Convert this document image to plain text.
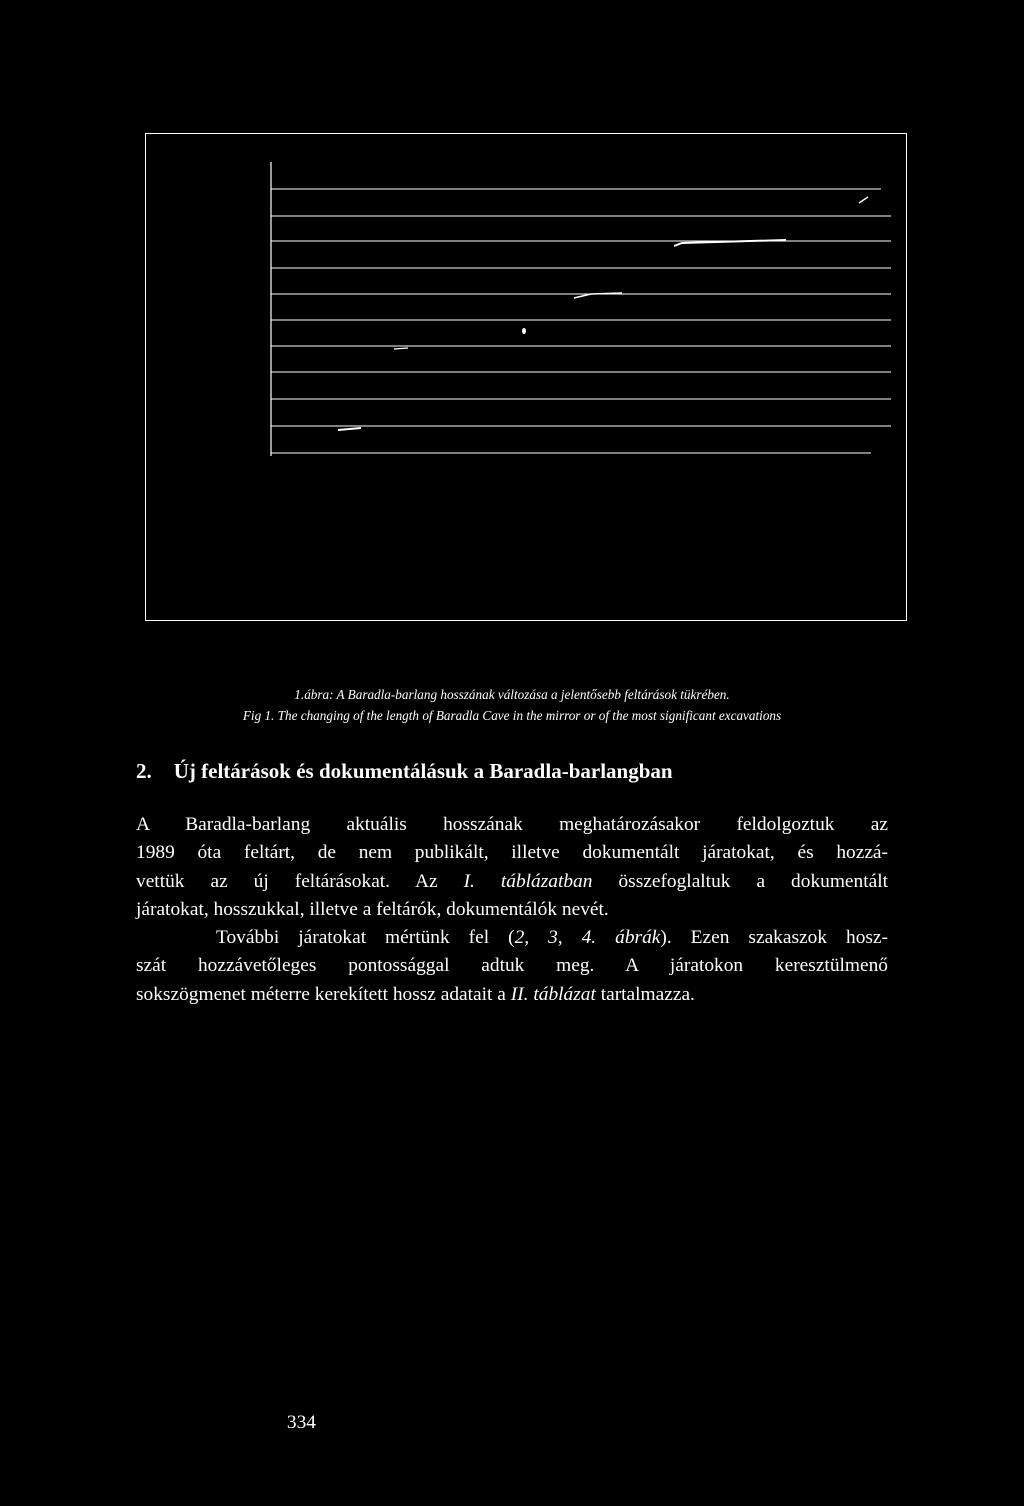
1.ábra: A Baradla-barlang hosszának változása a jelentősebb feltárások tükrében.
Fig 1. The changing of the length of Baradla Cave in the mirror or of the most significant excavations
2. Új feltárások és dokumentálásuk a Baradla-barlangban

A Baradla-barlang aktuális hosszának meghatározásakor feldolgoztuk az
1989 óta feltárt, de nem publikált, illetve dokumentált járatokat, és hozzá-
vettük az új feltárásokat. Az I. táblázatban összefoglaltuk a dokumentált
járatokat, hosszukkal, illetve a feltárók, dokumentálók nevét.

További járatokat mértünk fel (2, 3, 4. ábrák). Ezen szakaszok hosz-
szát hozzávetőleges pontossággal adtuk meg. A járatokon keresztülmenő
sokszögmenet méterre kerekített hossz adatait a II. táblázat tartalmazza.

334
